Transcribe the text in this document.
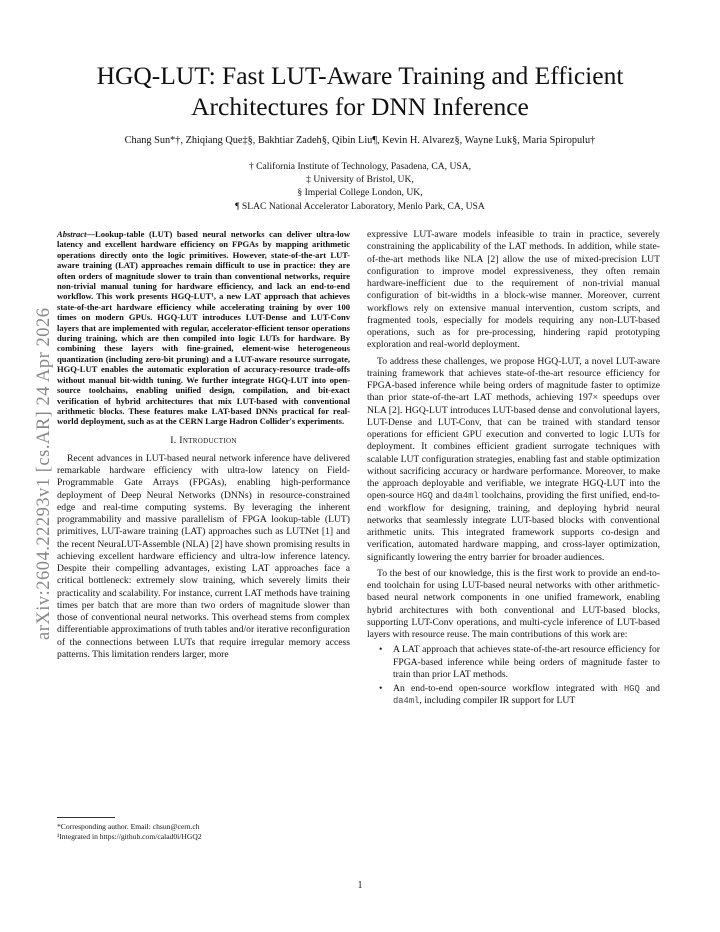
arXiv:2604.22293v1 [cs.AR] 24 Apr 2026
HGQ-LUT: Fast LUT-Aware Training and Efficient Architectures for DNN Inference
Chang Sun*†, Zhiqiang Que‡§, Bakhtiar Zadeh§, Qibin Liu¶, Kevin H. Alvarez§, Wayne Luk§, Maria Spiropulu†
† California Institute of Technology, Pasadena, CA, USA,
‡ University of Bristol, UK,
§ Imperial College London, UK,
¶ SLAC National Accelerator Laboratory, Menlo Park, CA, USA
Abstract—Lookup-table (LUT) based neural networks can deliver ultra-low latency and excellent hardware efficiency on FPGAs by mapping arithmetic operations directly onto the logic primitives. However, state-of-the-art LUT-aware training (LAT) approaches remain difficult to use in practice: they are often orders of magnitude slower to train than conventional networks, require non-trivial manual tuning for hardware efficiency, and lack an end-to-end workflow. This work presents HGQ-LUT¹, a new LAT approach that achieves state-of-the-art hardware efficiency while accelerating training by over 100 times on modern GPUs. HGQ-LUT introduces LUT-Dense and LUT-Conv layers that are implemented with regular, accelerator-efficient tensor operations during training, which are then compiled into logic LUTs for hardware. By combining these layers with fine-grained, element-wise heterogeneous quantization (including zero-bit pruning) and a LUT-aware resource surrogate, HGQ-LUT enables the automatic exploration of accuracy-resource trade-offs without manual bit-width tuning. We further integrate HGQ-LUT into open-source toolchains, enabling unified design, compilation, and bit-exact verification of hybrid architectures that mix LUT-based with conventional arithmetic blocks. These features make LAT-based DNNs practical for real-world deployment, such as at the CERN Large Hadron Collider's experiments.
I. Introduction

Recent advances in LUT-based neural network inference have delivered remarkable hardware efficiency with ultra-low latency on Field-Programmable Gate Arrays (FPGAs), enabling high-performance deployment of Deep Neural Networks (DNNs) in resource-constrained edge and real-time computing systems. By leveraging the inherent programmability and massive parallelism of FPGA lookup-table (LUT) primitives, LUT-aware training (LAT) approaches such as LUTNet [1] and the recent NeuraLUT-Assemble (NLA) [2] have shown promising results in achieving excellent hardware efficiency and ultra-low inference latency. Despite their compelling advantages, existing LAT approaches face a critical bottleneck: extremely slow training, which severely limits their practicality and scalability. For instance, current LAT methods have training times per batch that are more than two orders of magnitude slower than those of conventional neural networks. This overhead stems from complex differentiable approximations of truth tables and/or iterative reconfiguration of the connections between LUTs that require irregular memory access patterns. This limitation renders larger, more

*Corresponding author. Email: chsun@cern.ch
¹Integrated in https://github.com/calad0i/HGQ2

expressive LUT-aware models infeasible to train in practice, severely constraining the applicability of the LAT methods. In addition, while state-of-the-art methods like NLA [2] allow the use of mixed-precision LUT configuration to improve model expressiveness, they often remain hardware-inefficient due to the requirement of non-trivial manual configuration of bit-widths in a block-wise manner. Moreover, current workflows rely on extensive manual intervention, custom scripts, and fragmented tools, especially for models requiring any non-LUT-based operations, such as for pre-processing, hindering rapid prototyping exploration and real-world deployment.

To address these challenges, we propose HGQ-LUT, a novel LUT-aware training framework that achieves state-of-the-art resource efficiency for FPGA-based inference while being orders of magnitude faster to optimize than prior state-of-the-art LAT methods, achieving 197× speedups over NLA [2]. HGQ-LUT introduces LUT-based dense and convolutional layers, LUT-Dense and LUT-Conv, that can be trained with standard tensor operations for efficient GPU execution and converted to logic LUTs for deployment. It combines efficient gradient surrogate techniques with scalable LUT configuration strategies, enabling fast and stable optimization without sacrificing accuracy or hardware performance. Moreover, to make the approach deployable and verifiable, we integrate HGQ-LUT into the open-source HGQ and da4ml toolchains, providing the first unified, end-to-end workflow for designing, training, and deploying hybrid neural networks that seamlessly integrate LUT-based blocks with conventional arithmetic units. This integrated framework supports co-design and verification, automated hardware mapping, and cross-layer optimization, significantly lowering the entry barrier for broader audiences.

To the best of our knowledge, this is the first work to provide an end-to-end toolchain for using LUT-based neural networks with other arithmetic-based neural network components in one unified framework, enabling hybrid architectures with both conventional and LUT-based blocks, supporting LUT-Conv operations, and multi-cycle inference of LUT-based layers with resource reuse. The main contributions of this work are:

• A LAT approach that achieves state-of-the-art resource efficiency for FPGA-based inference while being orders of magnitude faster to train than prior LAT methods.
• An end-to-end open-source workflow integrated with HGQ and da4ml, including compiler IR support for LUT
1
